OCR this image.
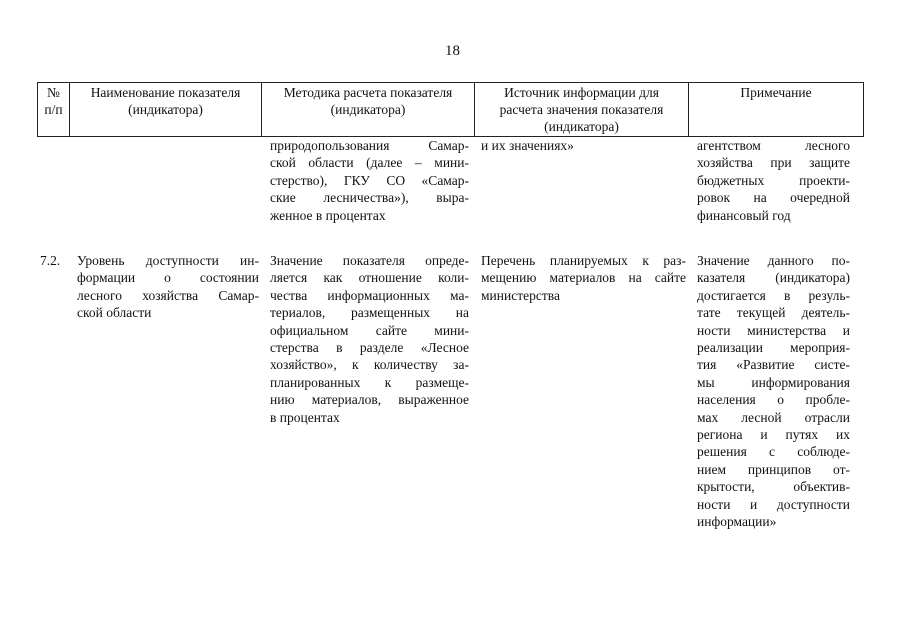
18
№
п/п
Наименование показателя
(индикатора)
Методика расчета показателя
(индикатора)
Источник информации для
расчета значения показателя
(индикатора)
Примечание
природопользования Самар-
ской области (далее – мини-
стерство), ГКУ СО «Самар-
ские лесничества»), выра-
женное в процентах
и их значениях»	агентством лесного
хозяйства при защите
бюджетных проекти-
ровок на очередной
финансовый год
7.2.	Уровень доступности ин-
формации о состоянии
лесного хозяйства Самар-
ской области
Значение показателя опреде-
ляется как отношение коли-
чества информационных ма-
териалов, размещенных на
официальном сайте мини-
стерства в разделе «Лесное
хозяйство», к количеству за-
планированных к размеще-
нию материалов, выраженное
в процентах
Перечень планируемых к раз-
мещению материалов на сайте
министерства
Значение данного по-
казателя (индикатора)
достигается в резуль-
тате текущей деятель-
ности министерства и
реализации мероприя-
тия «Развитие систе-
мы информирования
населения о пробле-
мах лесной отрасли
региона и путях их
решения с соблюде-
нием принципов от-
крытости, объектив-
ности и доступности
информации»
